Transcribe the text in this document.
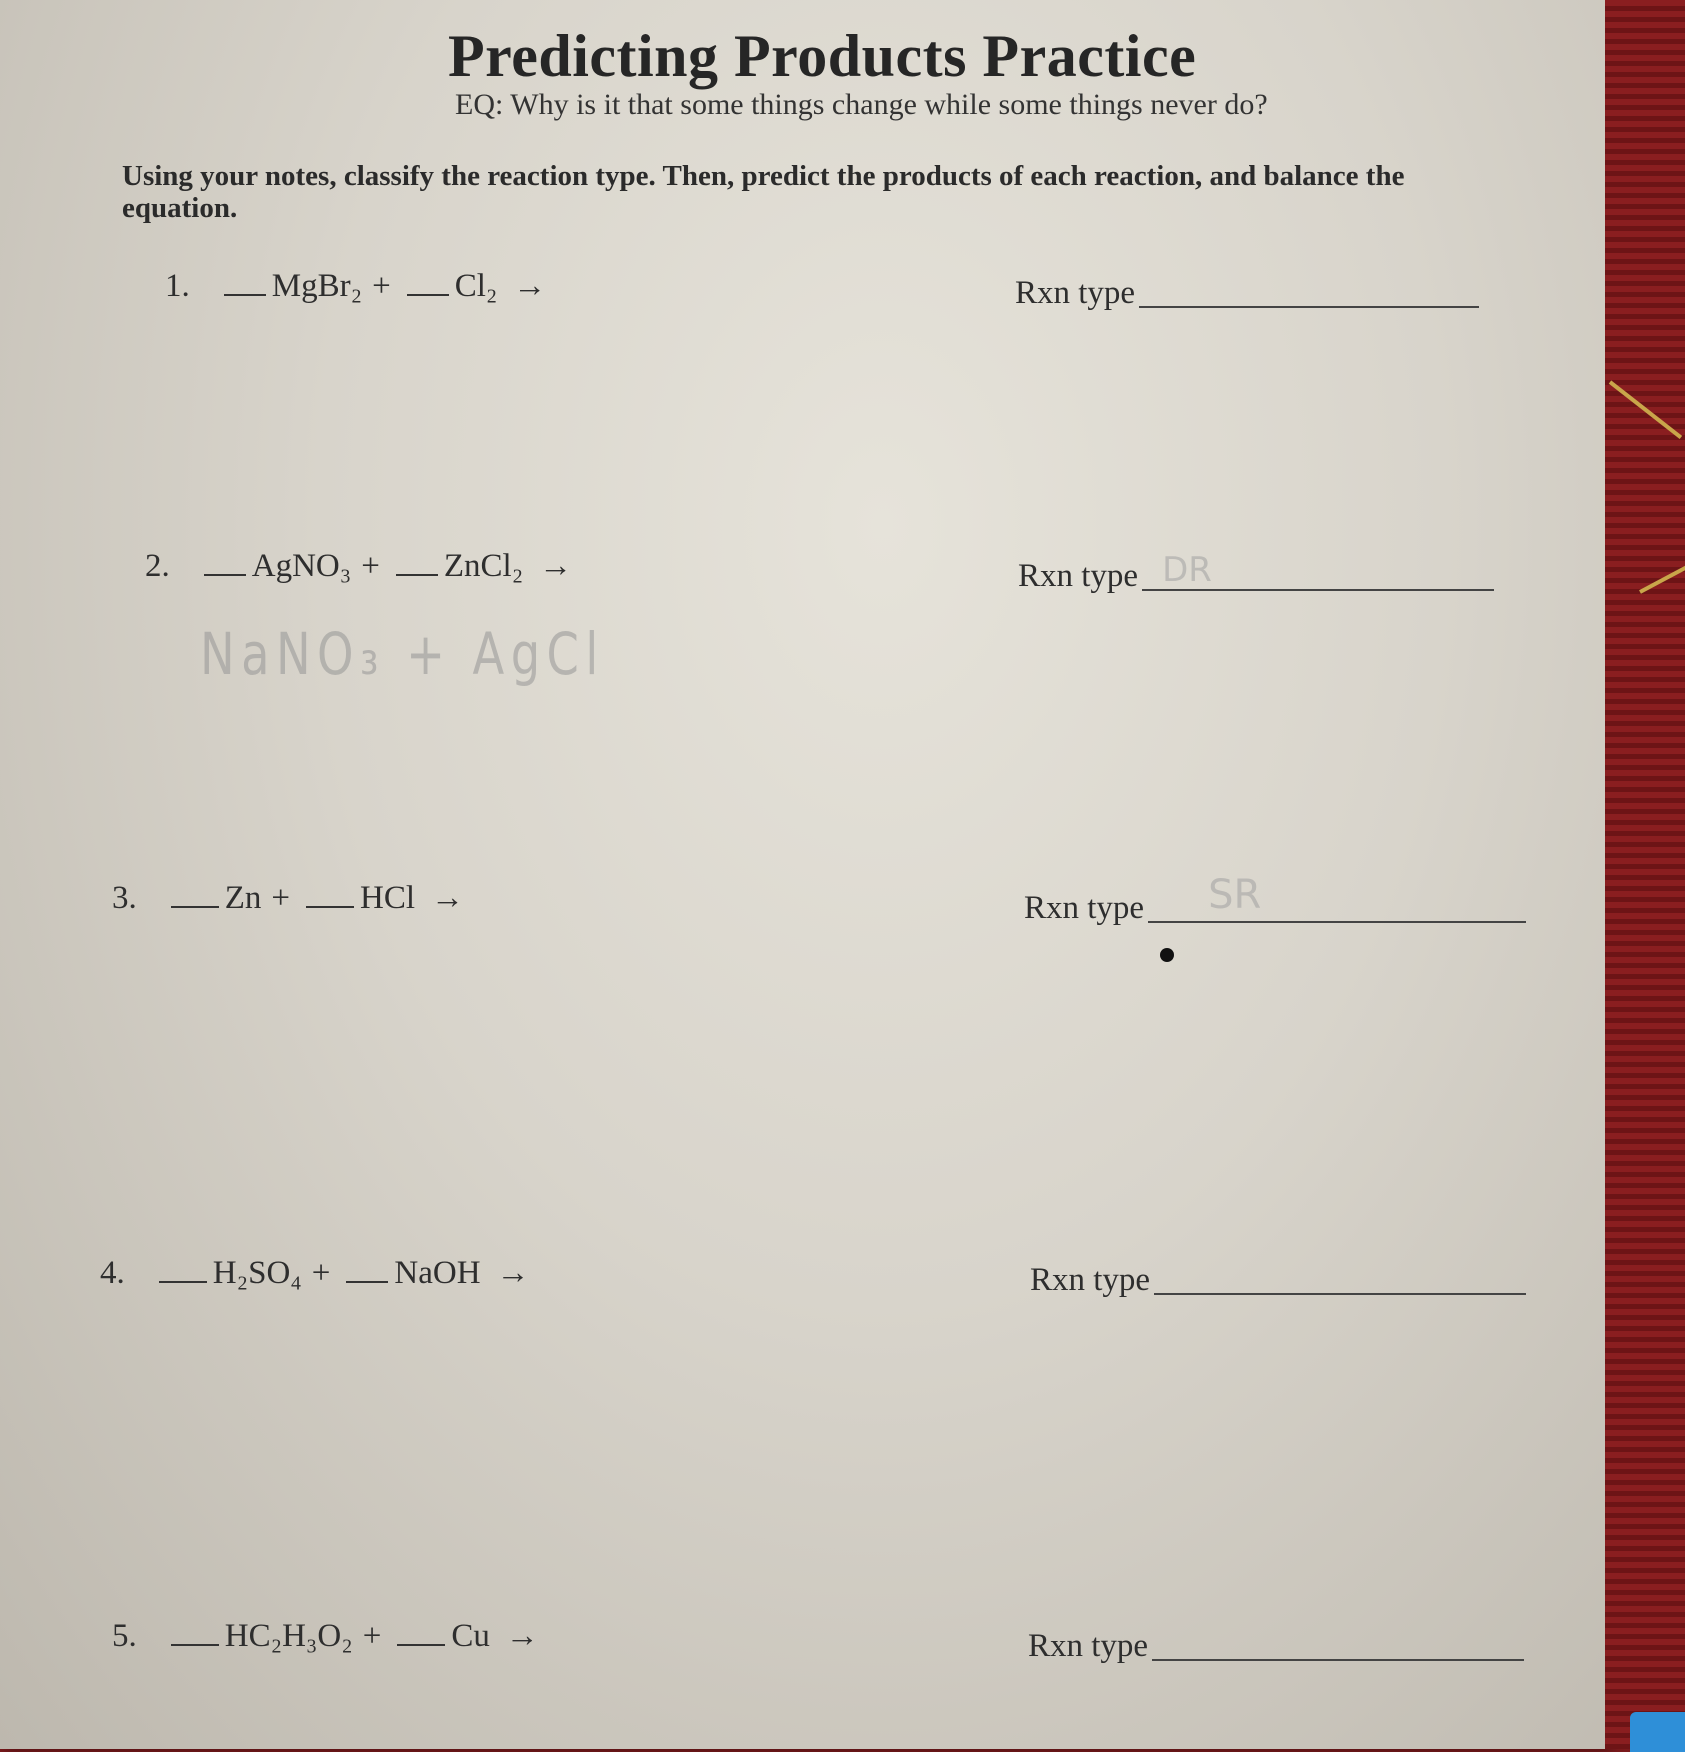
Predicting Products Practice
EQ: Why is it that some things change while some things never do?
Using your notes, classify the reaction type. Then, predict the products of each reaction, and balance the equation.
1. MgBr₂ + Cl₂ →	Rxn type
2. AgNO₃ + ZnCl₂ →
NaNO₃ + AgCl
Rxn type DR
3.	Zn + HCl →	Rxn type SR
4.	H₂SO₄ + NaOH →	Rxn type
5.	HC₂H₃O₂ + Cu →	Rxn type
